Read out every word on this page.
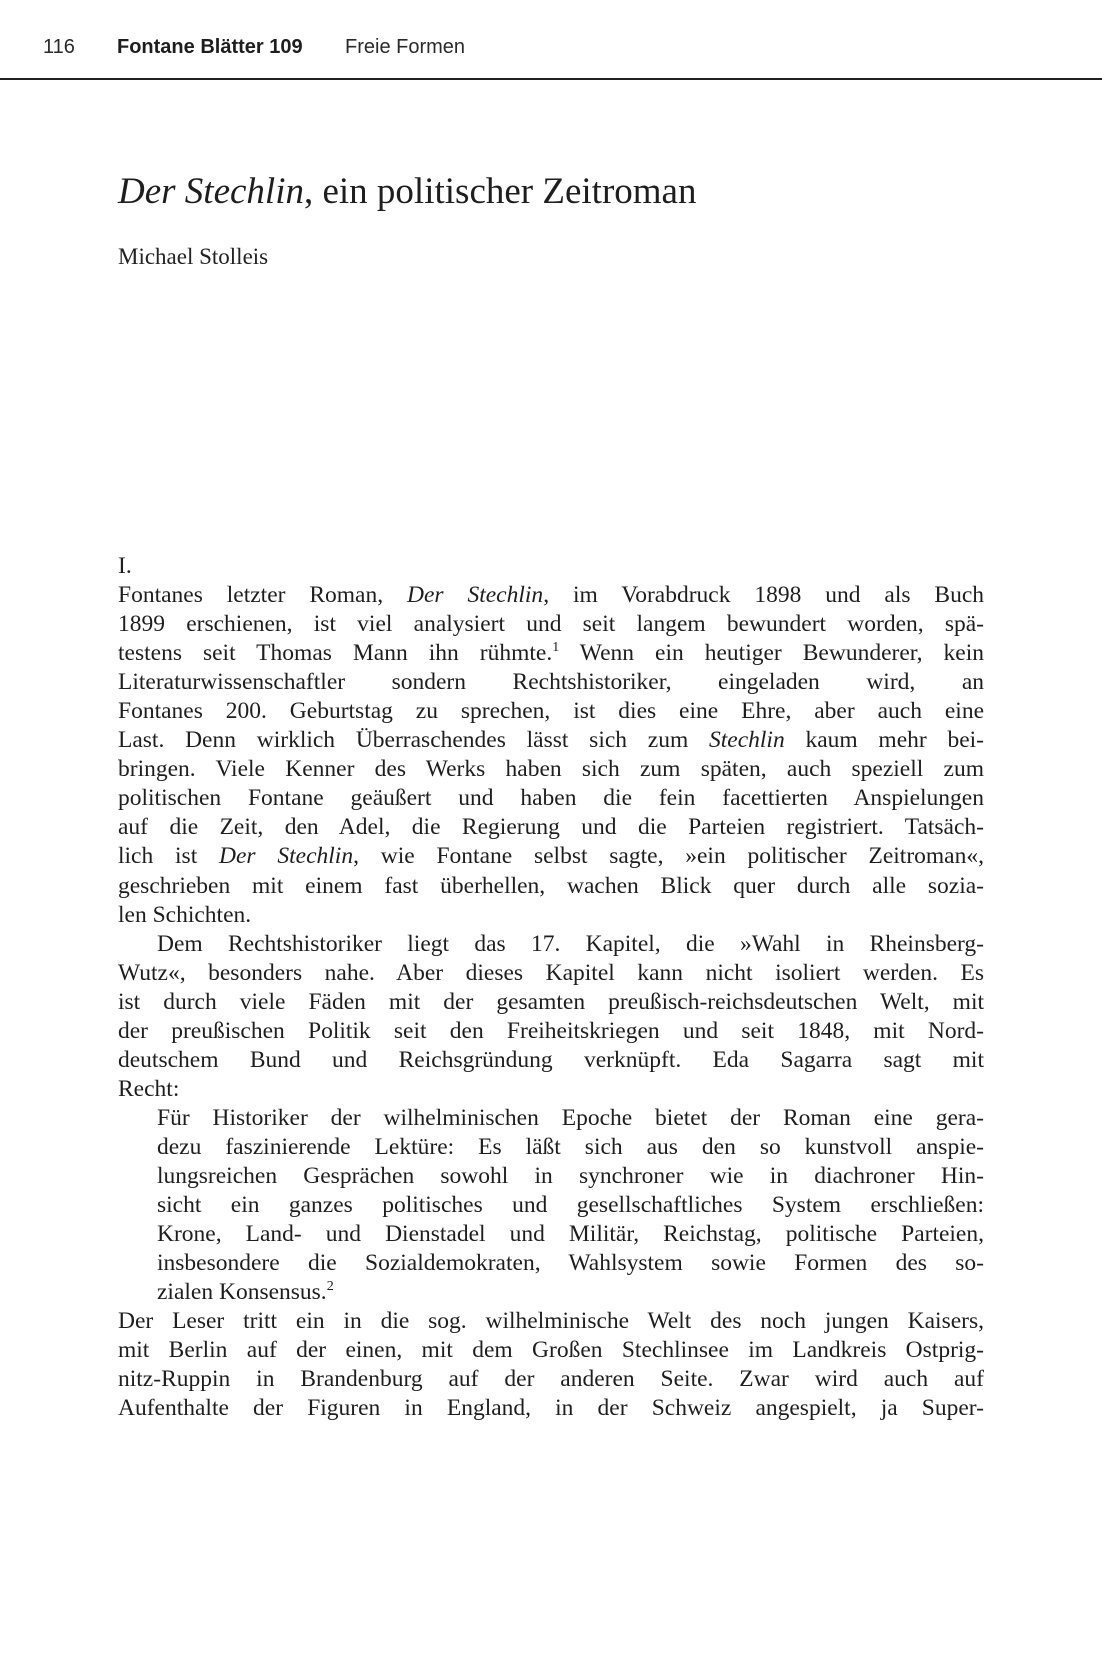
116 Fontane Blätter 109 Freie Formen
Der Stechlin, ein politischer Zeitroman
Michael Stolleis
I.
Fontanes letzter Roman, Der Stechlin, im Vorabdruck 1898 und als Buch
1899 erschienen, ist viel analysiert und seit langem bewundert worden, spä-
testens seit Thomas Mann ihn rühmte.$^1$ Wenn ein heutiger Bewunderer, kein
Literaturwissenschaftler sondern Rechtshistoriker, eingeladen wird, an
Fontanes 200. Geburtstag zu sprechen, ist dies eine Ehre, aber auch eine
Last. Denn wirklich Überraschendes lässt sich zum Stechlin kaum mehr bei-
bringen. Viele Kenner des Werks haben sich zum späten, auch speziell zum
politischen Fontane geäußert und haben die fein facettierten Anspielungen
auf die Zeit, den Adel, die Regierung und die Parteien registriert. Tatsäch-
lich ist Der Stechlin, wie Fontane selbst sagte, »ein politischer Zeitroman«,
geschrieben mit einem fast überhellen, wachen Blick quer durch alle sozia-
len Schichten.
Dem Rechtshistoriker liegt das 17. Kapitel, die »Wahl in Rheinsberg-
Wutz«, besonders nahe. Aber dieses Kapitel kann nicht isoliert werden. Es
ist durch viele Fäden mit der gesamten preußisch-reichsdeutschen Welt, mit
der preußischen Politik seit den Freiheitskriegen und seit 1848, mit Nord-
deutschem Bund und Reichsgründung verknüpft. Eda Sagarra sagt mit
Recht:
Für Historiker der wilhelminischen Epoche bietet der Roman eine gera-
dezu faszinierende Lektüre: Es läßt sich aus den so kunstvoll anspie-
lungsreichen Gesprächen sowohl in synchroner wie in diachroner Hin-
sicht ein ganzes politisches und gesellschaftliches System erschließen:
Krone, Land- und Dienstadel und Militär, Reichstag, politische Parteien,
insbesondere die Sozialdemokraten, Wahlsystem sowie Formen des so-
zialen Konsensus.$^2$
Der Leser tritt ein in die sog. wilhelminische Welt des noch jungen Kaisers,
mit Berlin auf der einen, mit dem Großen Stechlinsee im Landkreis Ostprig-
nitz-Ruppin in Brandenburg auf der anderen Seite. Zwar wird auch auf
Aufenthalte der Figuren in England, in der Schweiz angespielt, ja Super-
